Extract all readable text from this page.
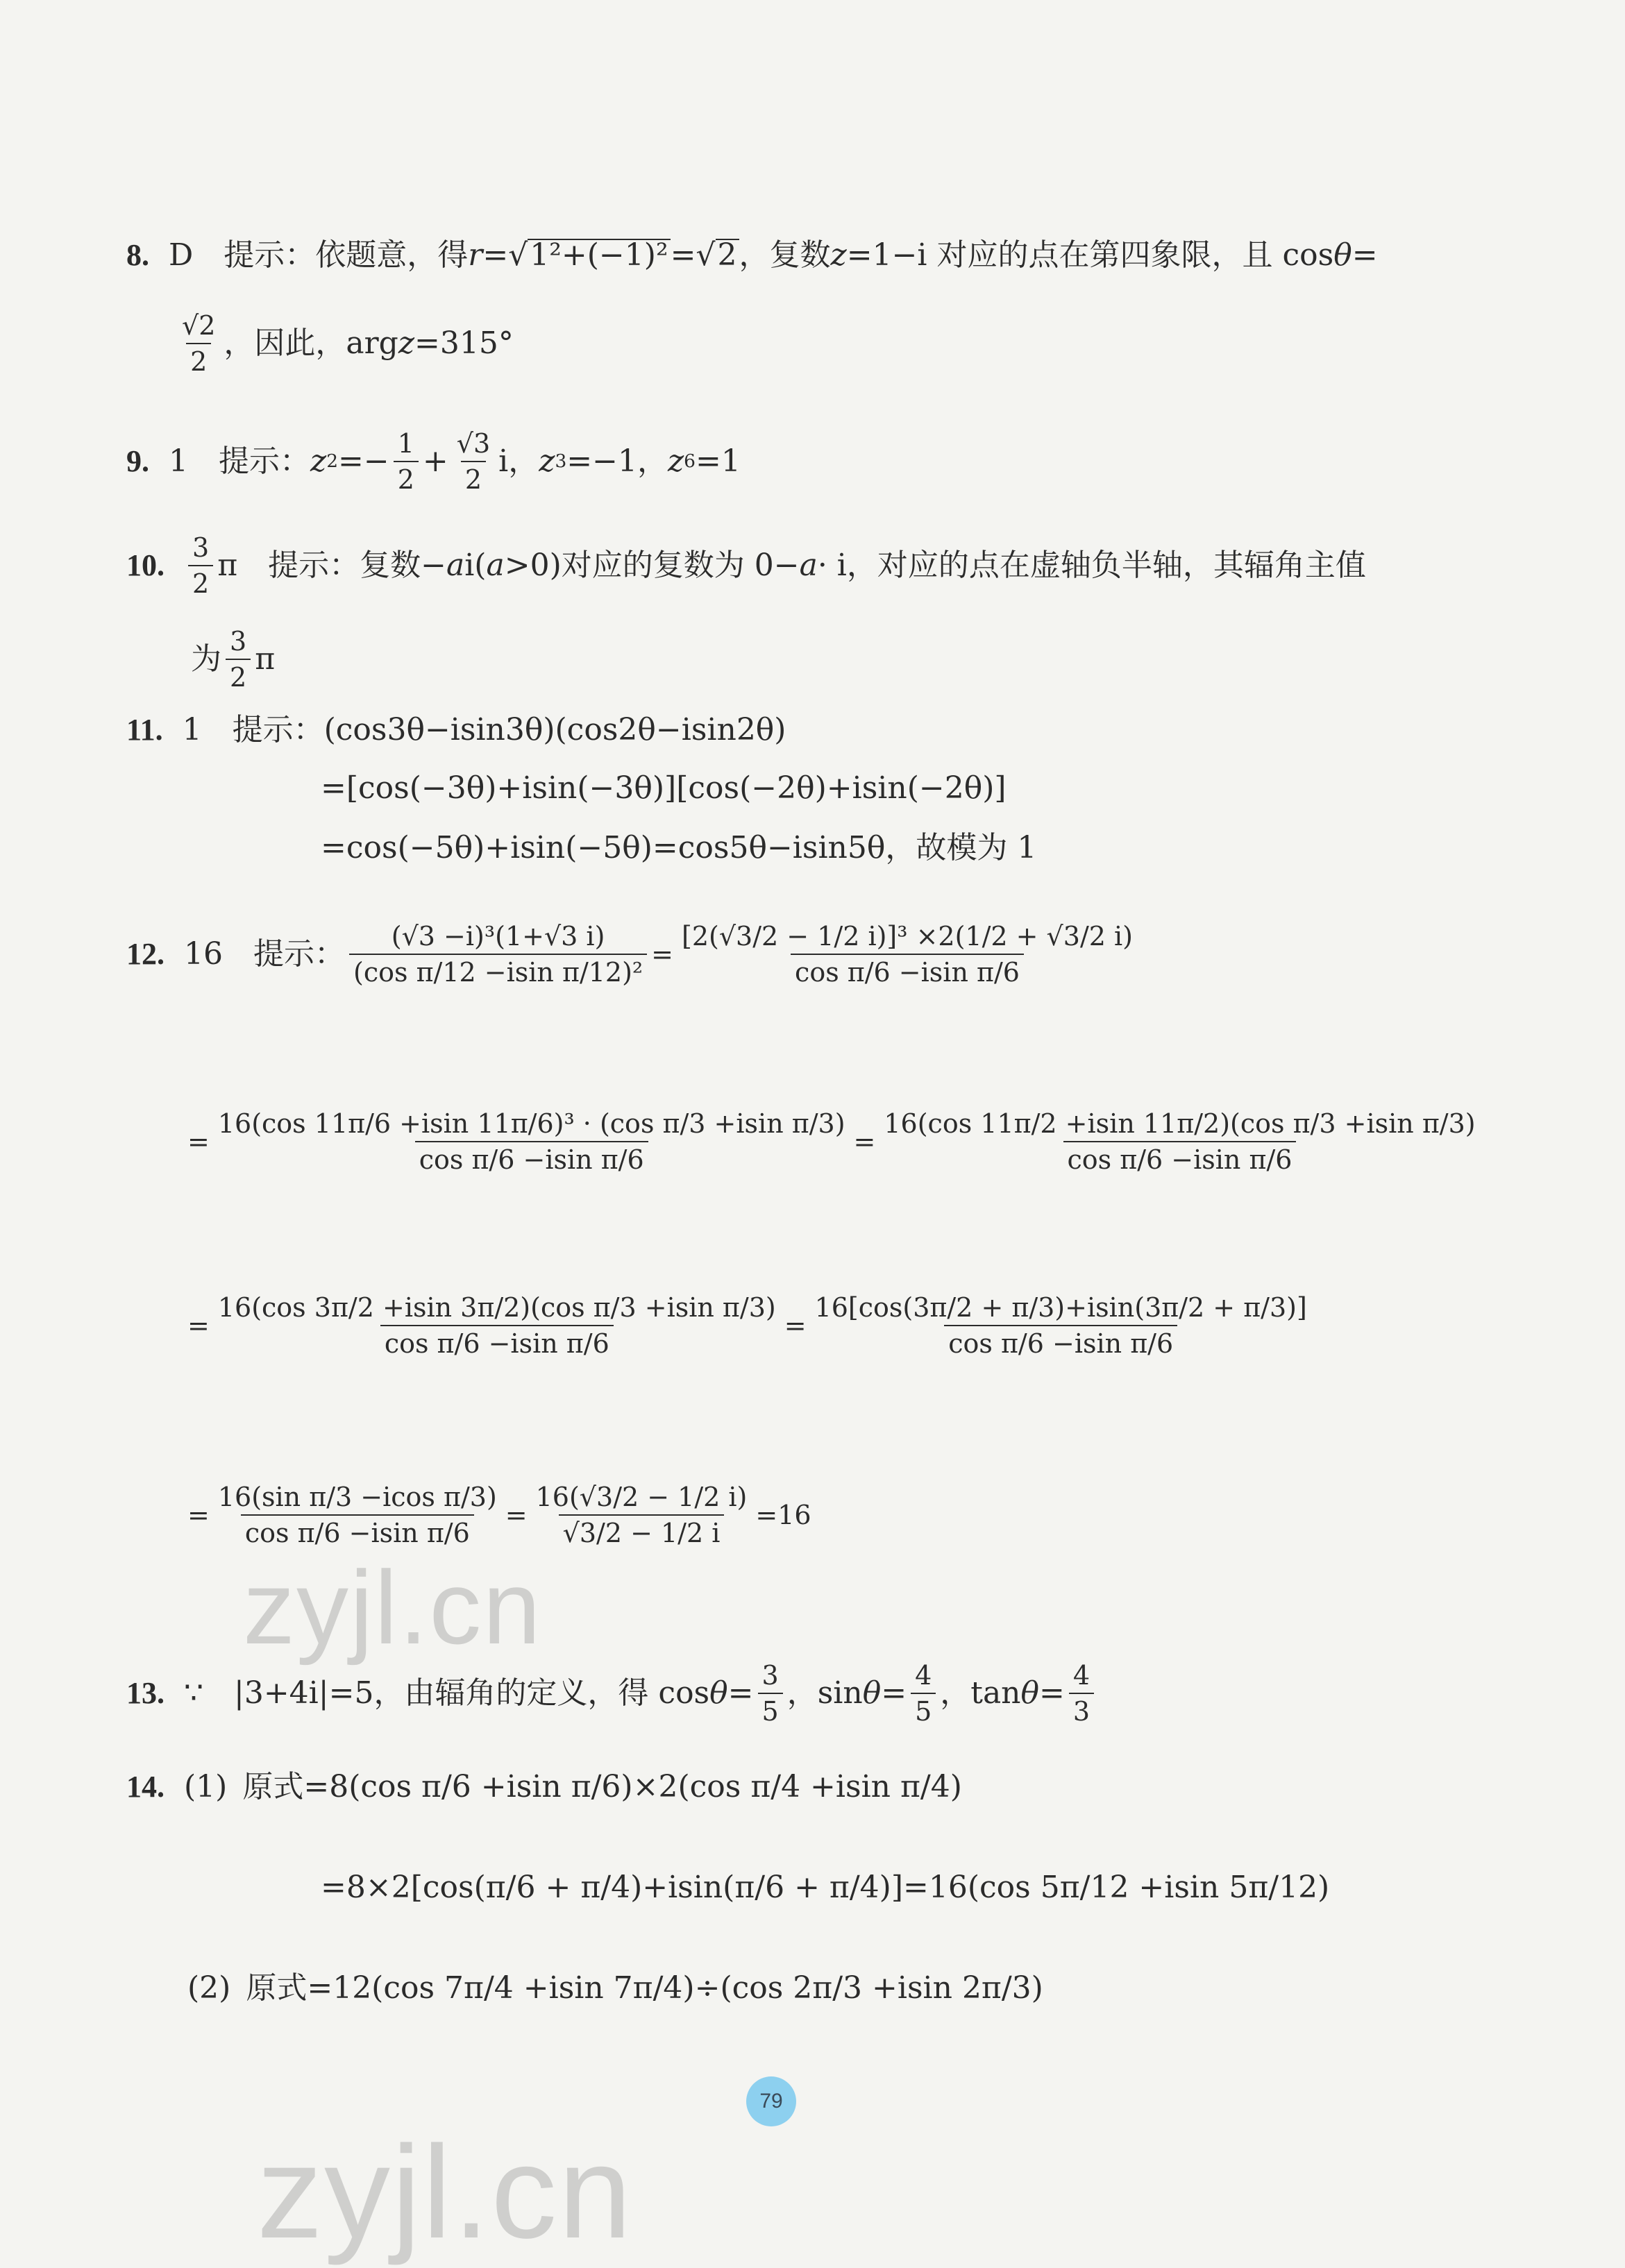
8. D 提示：依题意，得 r = √ 1²+(−1)² = √ 2 ，复数 z =1−i 对应的点在第四象限，且 cos θ =
$\frac{√2}{2}$ ，因此，arg z =315°
9. 1 提示： z $2 =- \frac{1}{2} + \frac{√3}{2}$ i， z 3 =−1， z 6 =1
10. $\frac{3}{2}$ π 提示：复数− a i( a >0)对应的复数为 0− a · i，对应的点在虚轴负半轴，其辐角主值
为 $\frac{3}{2}$ π
11. 1 提示：(cos3θ−isin3θ)(cos2θ−isin2θ)
=[cos(−3θ)+isin(−3θ)][cos(−2θ)+isin(−2θ)]
=cos(−5θ)+isin(−5θ)=cos5θ−isin5θ，故模为 1
12. 16 提示： $\frac{\text{(√3 −i)³(1+√3 i)}}{\text{(cos π/12 −isin π/12)²}} = \frac{\text{[2(√3/2 − 1/2 i)]³ ×2(1/2 + √3/2 i)}}{\text{cos π/6 −isin π/6}}$
= $\frac{\text{16(cos 11π/6 +isin 11π/6)³ · (cos π/3 +isin π/3)}}{\text{cos π/6 −isin π/6}} = \frac{\text{16(cos 11π/2 +isin 11π/2)(cos π/3 +isin π/3)}}{\text{cos π/6 −isin π/6}}$
= $\frac{\text{16(cos 3π/2 +isin 3π/2)(cos π/3 +isin π/3)}}{\text{cos π/6 −isin π/6}} = \frac{16[\cos(3\pi/2 + \pi/3)+isin(3\pi/2 + \pi/3)]}{\text{cos π/6 −isin π/6}}$
= $\frac{\text{16(sin π/3 −icos π/3)}}{\text{cos π/6 −isin π/6}} = \frac{16(√3/2 - 1/2 i)}{√3/2 - 1/2 i} =16$
13. ∵ |3+4i|=5，由辐角的定义，得 $\cos \theta = \frac{3}{5}$ ，$\sin \theta = \frac{4}{5}$ ，$\tan \theta = \frac{4}{3}$
14. (1) 原式=8(cos π/6 +isin π/6)×2(cos π/4 +isin π/4)
=8×2[cos(π/6 + π/4)+isin(π/6 + π/4)]=16(cos 5π/12 +isin 5π/12)
(2) 原式=12(cos 7π/4 +isin 7π/4)÷(cos 2π/3 +isin 2π/3)
79
zyjl.cn
zyjl.cn
